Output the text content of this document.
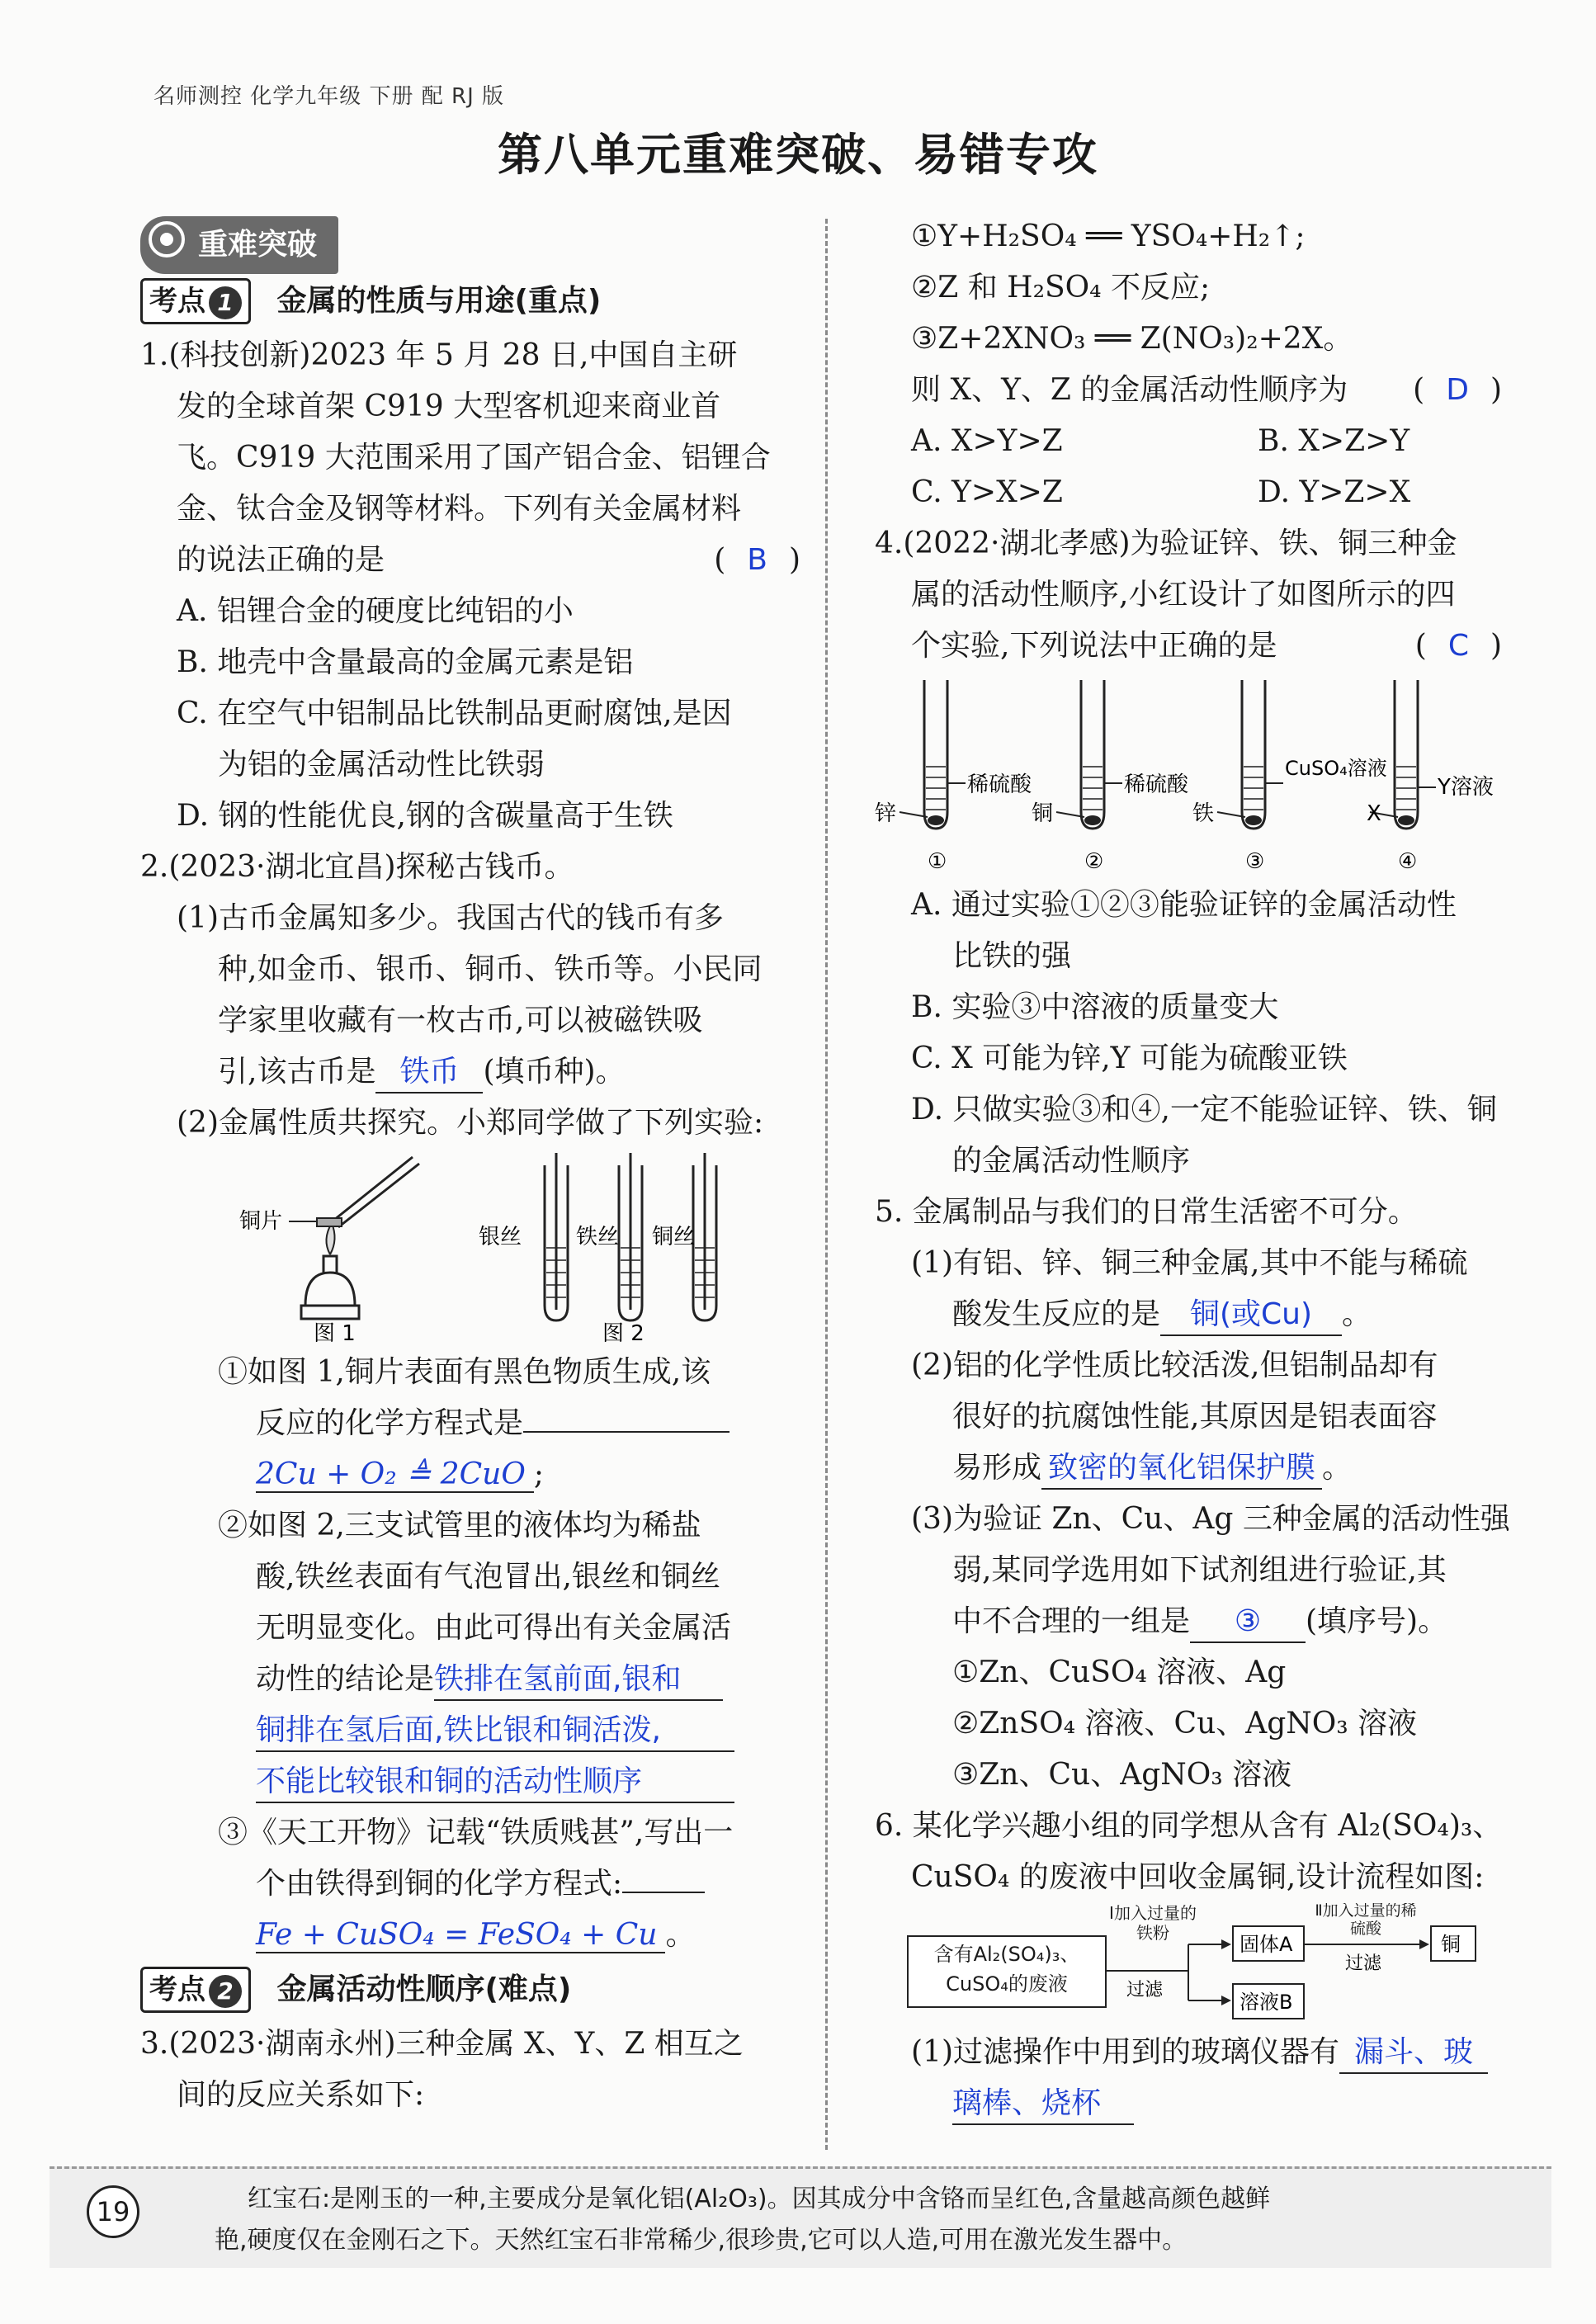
名师测控 化学九年级 下册 配 RJ 版
第八单元重难突破、易错专攻
重难突破
考点 1 金属的性质与用途(重点)
1.(科技创新)2023 年 5 月 28 日,中国自主研
发的全球首架 C919 大型客机迎来商业首
飞。C919 大范围采用了国产铝合金、铝锂合
金、钛合金及钢等材料。下列有关金属材料
的说法正确的是	( B )
A. 铝锂合金的硬度比纯铝的小
B. 地壳中含量最高的金属元素是铝
C. 在空气中铝制品比铁制品更耐腐蚀,是因
为铝的金属活动性比铁弱
D. 钢的性能优良,钢的含碳量高于生铁
2.(2023·湖北宜昌)探秘古钱币。
(1)古币金属知多少。我国古代的钱币有多
种,如金币、银币、铜币、铁币等。小民同
学家里收藏有一枚古币,可以被磁铁吸
引,该古币是 铁币 (填币种)。
(2)金属性质共探究。小郑同学做了下列实验:
铜片
图 1
银丝	铁丝 铜丝
图 2
①如图 1,铜片表面有黑色物质生成,该
反应的化学方程式是
2Cu + O₂ ≜ 2CuO ;
②如图 2,三支试管里的液体均为稀盐
酸,铁丝表面有气泡冒出,银丝和铜丝
无明显变化。由此可得出有关金属活
动性的结论是铁排在氢前面,银和
铜排在氢后面,铁比银和铜活泼,
不能比较银和铜的活动性顺序
③《天工开物》记载“铁质贱甚”,写出一
个由铁得到铜的化学方程式:
Fe + CuSO₄ = FeSO₄ + Cu 。
考点 2 金属活动性顺序(难点)
3.(2023·湖南永州)三种金属 X、Y、Z 相互之
间的反应关系如下:
①Y+H₂SO₄ ══ YSO₄+H₂↑;
②Z 和 H₂SO₄ 不反应;
③Z+2XNO₃ ══ Z(NO₃)₂+2X。
则 X、Y、Z 的金属活动性顺序为 ( D )
A. X>Y>Z	B. X>Z>Y
C. Y>X>Z	D. Y>Z>X
4.(2022·湖北孝感)为验证锌、铁、铜三种金
属的活动性顺序,小红设计了如图所示的四
个实验,下列说法中正确的是	( C )
锌
稀硫酸
①
铜
稀硫酸
②
铁
CuSO₄溶液
③
X
Y溶液
④
A. 通过实验①②③能验证锌的金属活动性
比铁的强
B. 实验③中溶液的质量变大
C. X 可能为锌,Y 可能为硫酸亚铁
D. 只做实验③和④,一定不能验证锌、铁、铜
的金属活动性顺序
5. 金属制品与我们的日常生活密不可分。
(1)有铝、锌、铜三种金属,其中不能与稀硫
酸发生反应的是 铜(或Cu) 。
(2)铝的化学性质比较活泼,但铝制品却有
很好的抗腐蚀性能,其原因是铝表面容
易形成 致密的氧化铝保护膜 。
(3)为验证 Zn、Cu、Ag 三种金属的活动性强
弱,某同学选用如下试剂组进行验证,其
中不合理的一组是 ③ (填序号)。
①Zn、CuSO₄ 溶液、Ag
②ZnSO₄ 溶液、Cu、AgNO₃ 溶液
③Zn、Cu、AgNO₃ 溶液
6. 某化学兴趣小组的同学想从含有 Al₂(SO₄)₃、
CuSO₄ 的废液中回收金属铜,设计流程如图:
含有Al₂(SO₄)₃、CuSO₄的废液
Ⅰ加入过量的铁粉
过滤
固体A
溶液B
Ⅱ加入过量的稀硫酸
过滤
铜
(1)过滤操作中用到的玻璃仪器有 漏斗、玻
璃棒、烧杯
19	红宝石:是刚玉的一种,主要成分是氧化铝(Al₂O₃)。因其成分中含铬而呈红色,含量越高颜色越鲜
艳,硬度仅在金刚石之下。天然红宝石非常稀少,很珍贵,它可以人造,可用在激光发生器中。
